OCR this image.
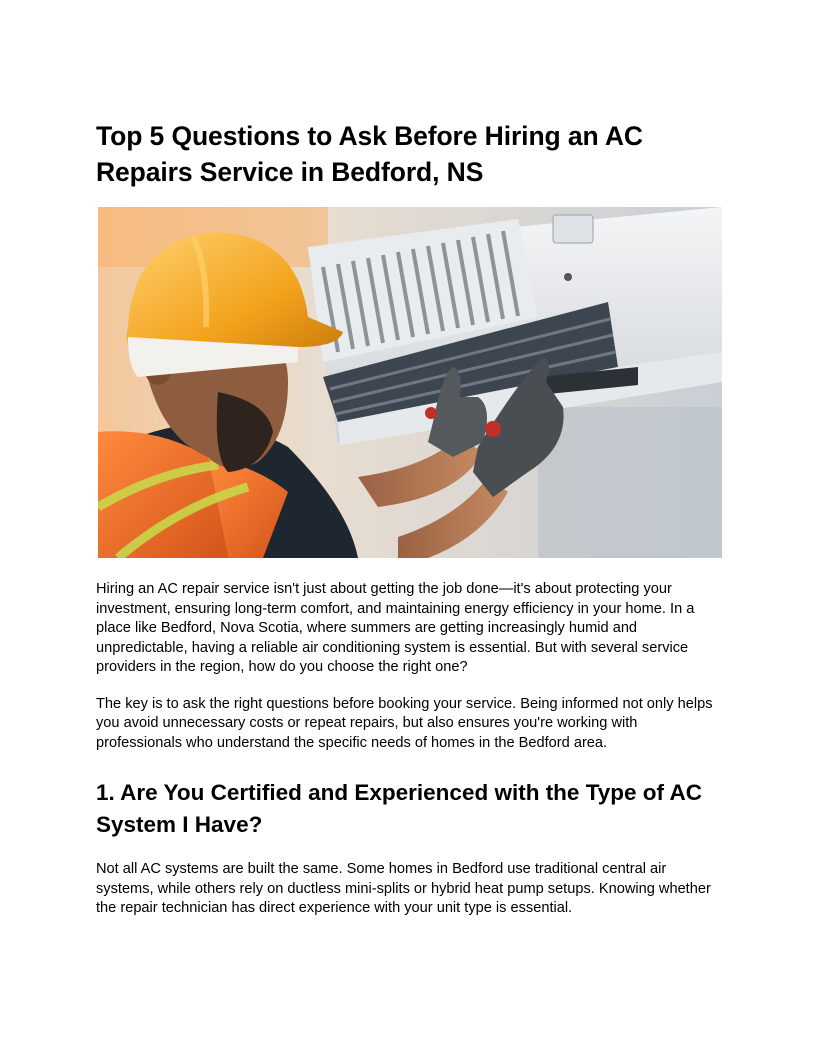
Top 5 Questions to Ask Before Hiring an AC Repairs Service in Bedford, NS

Hiring an AC repair service isn't just about getting the job done—it's about protecting your investment, ensuring long-term comfort, and maintaining energy efficiency in your home. In a place like Bedford, Nova Scotia, where summers are getting increasingly humid and unpredictable, having a reliable air conditioning system is essential. But with several service providers in the region, how do you choose the right one?

The key is to ask the right questions before booking your service. Being informed not only helps you avoid unnecessary costs or repeat repairs, but also ensures you're working with professionals who understand the specific needs of homes in the Bedford area.

1. Are You Certified and Experienced with the Type of AC System I Have?

Not all AC systems are built the same. Some homes in Bedford use traditional central air systems, while others rely on ductless mini-splits or hybrid heat pump setups. Knowing whether the repair technician has direct experience with your unit type is essential.
